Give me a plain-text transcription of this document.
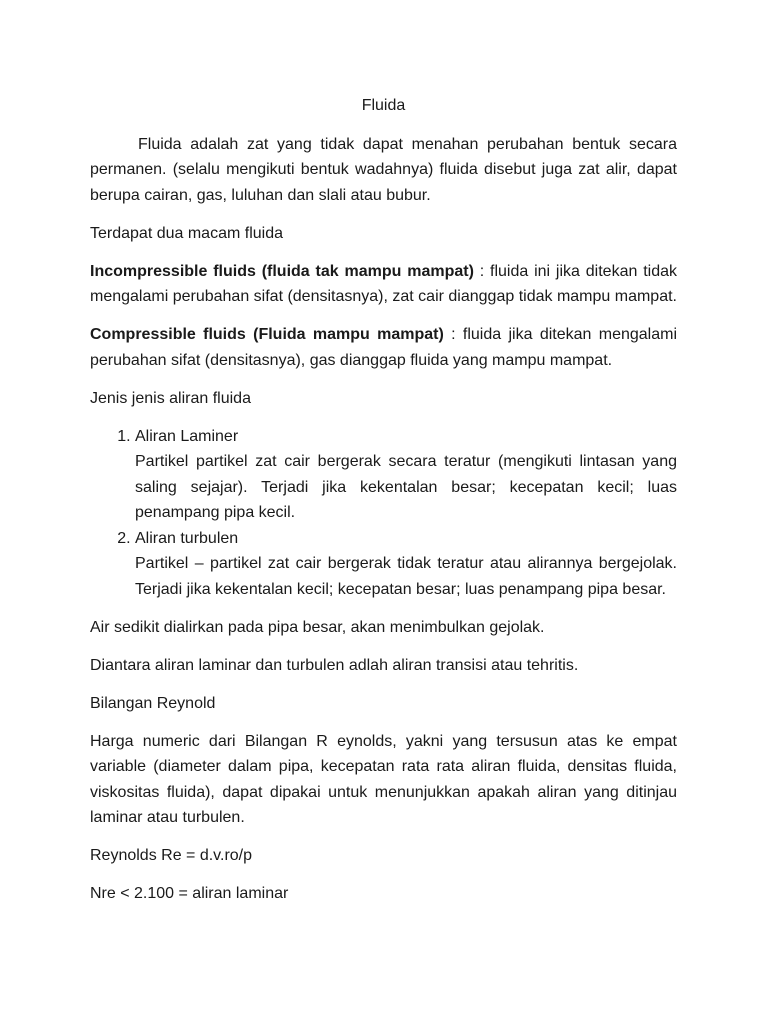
Fluida

Fluida adalah zat yang tidak dapat menahan perubahan bentuk secara permanen. (selalu mengikuti bentuk wadahnya) fluida disebut juga zat alir, dapat berupa cairan, gas, luluhan dan slali atau bubur.

Terdapat dua macam fluida

Incompressible fluids (fluida tak mampu mampat) : fluida ini jika ditekan tidak mengalami perubahan sifat (densitasnya), zat cair dianggap tidak mampu mampat.

Compressible fluids (Fluida mampu mampat) : fluida jika ditekan mengalami perubahan sifat (densitasnya), gas dianggap fluida yang mampu mampat.

Jenis jenis aliran fluida

1. Aliran Laminer
Partikel partikel zat cair bergerak secara teratur (mengikuti lintasan yang saling sejajar). Terjadi jika kekentalan besar; kecepatan kecil; luas penampang pipa kecil.
2. Aliran turbulen
Partikel – partikel zat cair bergerak tidak teratur atau alirannya bergejolak. Terjadi jika kekentalan kecil; kecepatan besar; luas penampang pipa besar.

Air sedikit dialirkan pada pipa besar, akan menimbulkan gejolak.

Diantara aliran laminar dan turbulen adlah aliran transisi atau tehritis.

Bilangan Reynold

Harga numeric dari Bilangan R eynolds, yakni yang tersusun atas ke empat variable (diameter dalam pipa, kecepatan rata rata aliran fluida, densitas fluida, viskositas fluida), dapat dipakai untuk menunjukkan apakah aliran yang ditinjau laminar atau turbulen.

Reynolds Re = d.v.ro/p

Nre < 2.100 = aliran laminar
